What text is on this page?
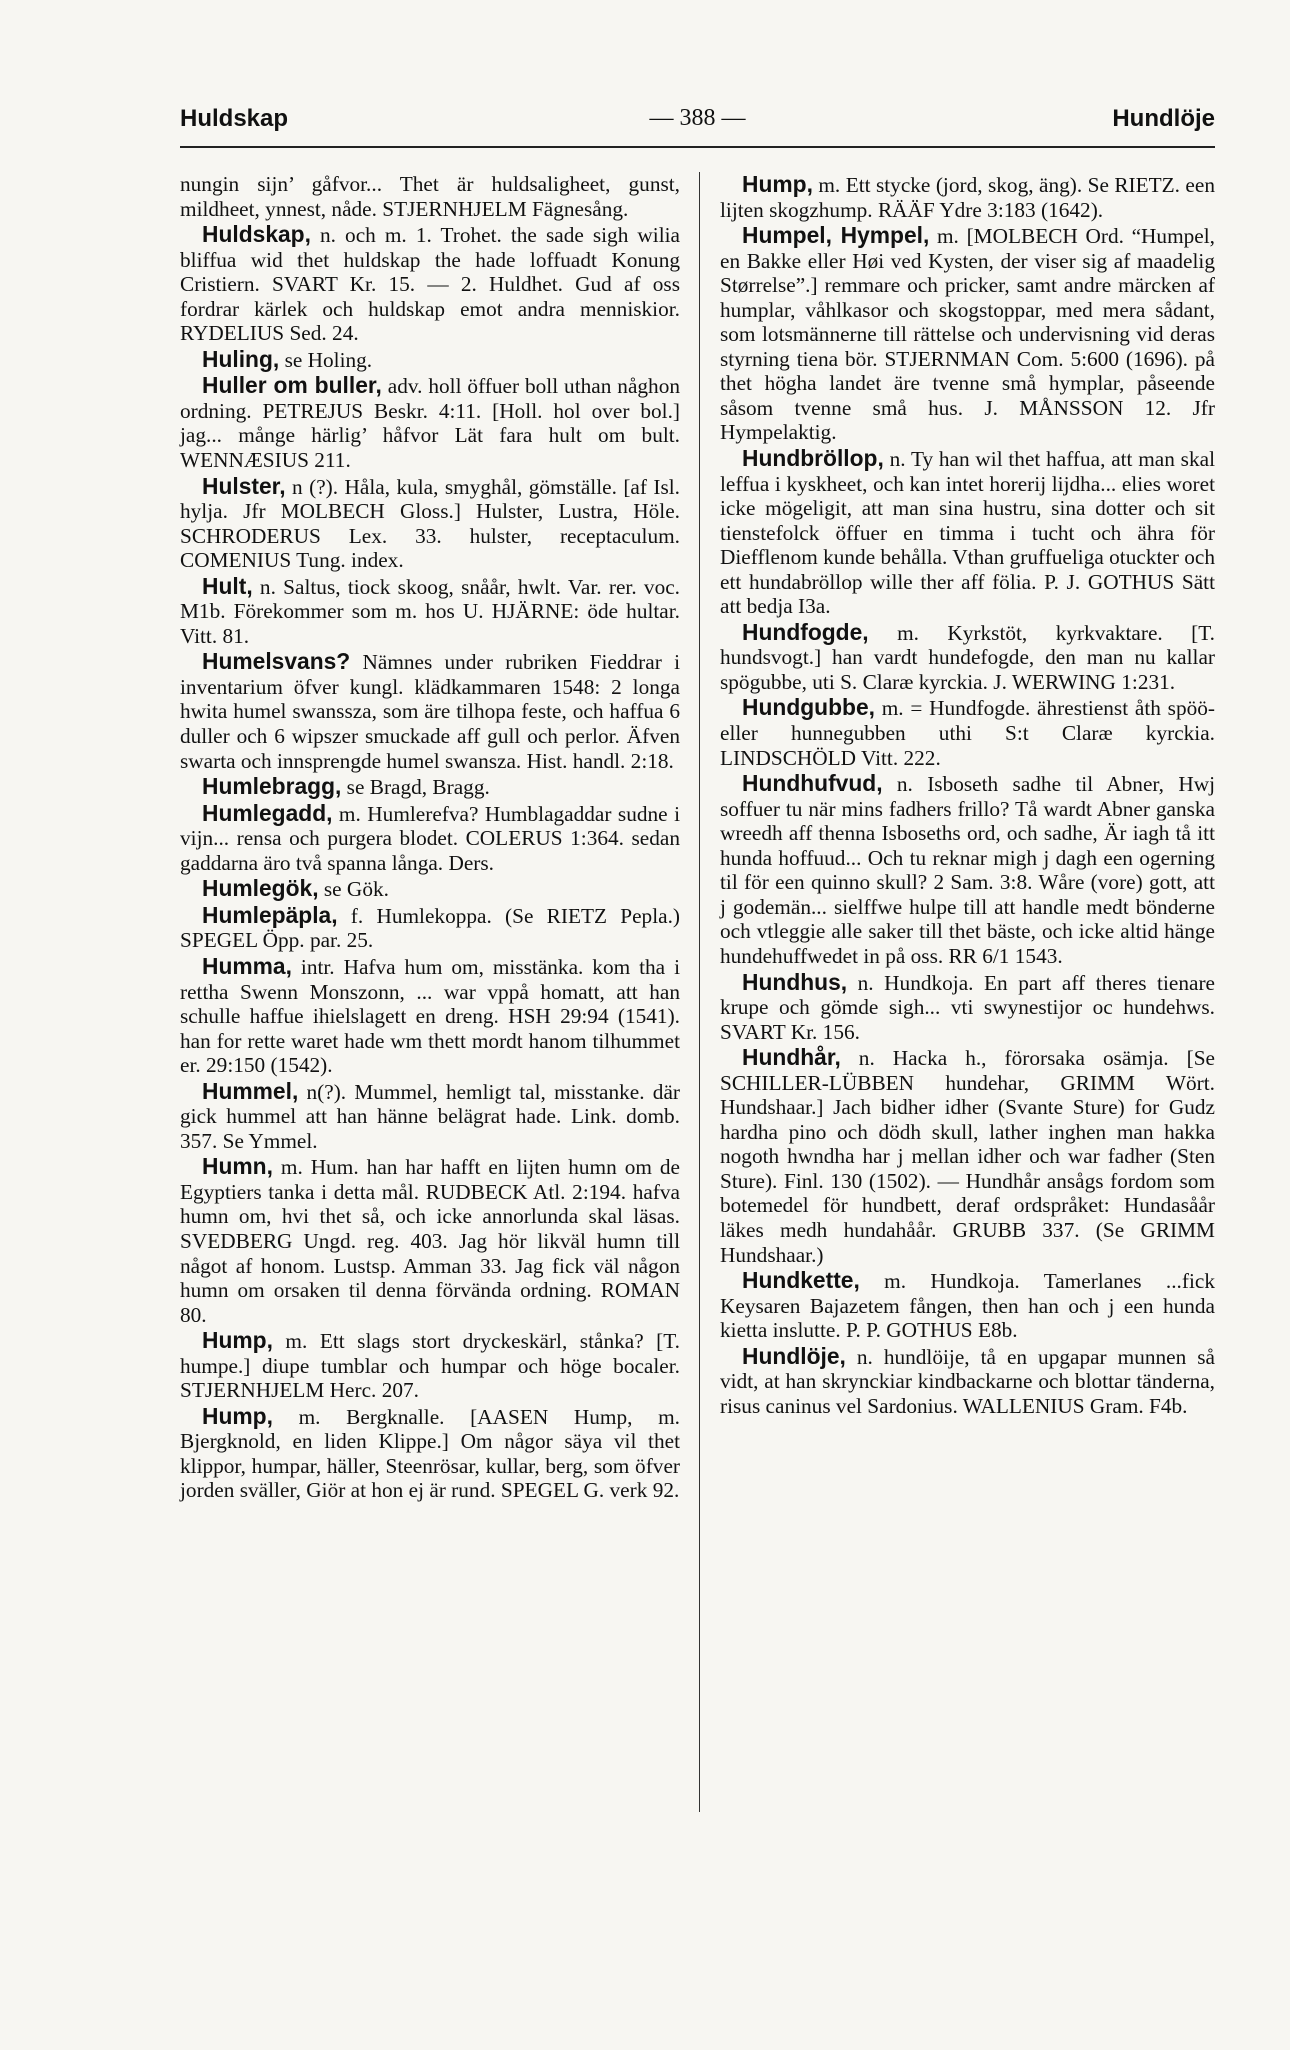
Huldskap	— 388 —	Hundlöje
nungin sijn’ gåfvor... Thet är huldsaligheet, gunst, mildheet, ynnest, nåde. STJERNHJELM Fägnesång.
Huldskap, n. och m. 1. Trohet. the sade sigh wilia bliffua wid thet huldskap the hade loffuadt Konung Cristiern. SVART Kr. 15. — 2. Huldhet. Gud af oss fordrar kärlek och huldskap emot andra menniskior. RYDELIUS Sed. 24.
Huling, se Holing.
Huller om buller, adv. holl öffuer boll uthan någhon ordning. PETREJUS Beskr. 4:11. [Holl. hol over bol.] jag... månge härlig’ håfvor Lät fara hult om bult. WENNÆSIUS 211.
Hulster, n (?). Håla, kula, smyghål, gömställe. [af Isl. hylja. Jfr MOLBECH Gloss.] Hulster, Lustra, Höle. SCHRODERUS Lex. 33. hulster, receptaculum. COMENIUS Tung. index.
Hult, n. Saltus, tiock skoog, snåår, hwlt. Var. rer. voc. M1b. Förekommer som m. hos U. HJÄRNE: öde hultar. Vitt. 81.
Humelsvans? Nämnes under rubriken Fieddrar i inventarium öfver kungl. klädkammaren 1548: 2 longa hwita humel swanssza, som äre tilhopa feste, och haffua 6 duller och 6 wipszer smuckade aff gull och perlor. Äfven swarta och innsprengde humel swansza. Hist. handl. 2:18.
Humlebragg, se Bragd, Bragg.
Humlegadd, m. Humlerefva? Humblagaddar sudne i vijn... rensa och purgera blodet. COLERUS 1:364. sedan gaddarna äro två spanna långa. Ders.
Humlegök, se Gök.
Humlepäpla, f. Humlekoppa. (Se RIETZ Pepla.) SPEGEL Öpp. par. 25.
Humma, intr. Hafva hum om, misstänka. kom tha i rettha Swenn Monszonn, ... war vppå homatt, att han schulle haffue ihielslagett en dreng. HSH 29:94 (1541). han for rette waret hade wm thett mordt hanom tilhummet er. 29:150 (1542).
Hummel, n(?). Mummel, hemligt tal, misstanke. där gick hummel att han hänne belägrat hade. Link. domb. 357. Se Ymmel.
Humn, m. Hum. han har hafft en lijten humn om de Egyptiers tanka i detta mål. RUDBECK Atl. 2:194. hafva humn om, hvi thet så, och icke annorlunda skal läsas. SVEDBERG Ungd. reg. 403. Jag hör likväl humn till något af honom. Lustsp. Amman 33. Jag fick väl någon humn om orsaken til denna förvända ordning. ROMAN 80.
Hump, m. Ett slags stort dryckeskärl, stånka? [T. humpe.] diupe tumblar och humpar och höge bocaler. STJERNHJELM Herc. 207.
Hump, m. Bergknalle. [AASEN Hump, m. Bjergknold, en liden Klippe.] Om någor säya vil thet klippor, humpar, häller, Steenrösar, kullar, berg, som öfver jorden sväller, Giör at hon ej är rund. SPEGEL G. verk 92.
Hump, m. Ett stycke (jord, skog, äng). Se RIETZ. een lijten skogzhump. RÄÄF Ydre 3:183 (1642).
Humpel, Hympel, m. [MOLBECH Ord. “Humpel, en Bakke eller Høi ved Kysten, der viser sig af maadelig Størrelse”.] remmare och pricker, samt andre märcken af humplar, våhlkasor och skogstoppar, med mera sådant, som lotsmännerne till rättelse och undervisning vid deras styrning tiena bör. STJERNMAN Com. 5:600 (1696). på thet högha landet äre tvenne små hymplar, påseende såsom tvenne små hus. J. MÅNSSON 12. Jfr Hympelaktig.
Hundbröllop, n. Ty han wil thet haffua, att man skal leffua i kyskheet, och kan intet horerij lijdha... elies woret icke mögeligit, att man sina hustru, sina dotter och sit tienstefolck öffuer en timma i tucht och ähra för Diefflenom kunde behålla. Vthan gruffueliga otuckter och ett hundabröllop wille ther aff fölia. P. J. GOTHUS Sätt att bedja I3a.
Hundfogde, m. Kyrkstöt, kyrkvaktare. [T. hundsvogt.] han vardt hundefogde, den man nu kallar spögubbe, uti S. Claræ kyrckia. J. WERWING 1:231.
Hundgubbe, m. = Hundfogde. ährestienst åth spöö- eller hunnegubben uthi S:t Claræ kyrckia. LINDSCHÖLD Vitt. 222.
Hundhufvud, n. Isboseth sadhe til Abner, Hwj soffuer tu när mins fadhers frillo? Tå wardt Abner ganska wreedh aff thenna Isboseths ord, och sadhe, Är iagh tå itt hunda hoffuud... Och tu reknar migh j dagh een ogerning til för een quinno skull? 2 Sam. 3:8. Wåre (vore) gott, att j godemän... sielffwe hulpe till att handle medt bönderne och vtleggie alle saker till thet bäste, och icke altid hänge hundehuffwedet in på oss. RR 6/1 1543.
Hundhus, n. Hundkoja. En part aff theres tienare krupe och gömde sigh... vti swynestijor oc hundehws. SVART Kr. 156.
Hundhår, n. Hacka h., förorsaka osämja. [Se SCHILLER-LÜBBEN hundehar, GRIMM Wört. Hundshaar.] Jach bidher idher (Svante Sture) for Gudz hardha pino och dödh skull, lather inghen man hakka nogoth hwndha har j mellan idher och war fadher (Sten Sture). Finl. 130 (1502). — Hundhår ansågs fordom som botemedel för hundbett, deraf ordspråket: Hundasåår läkes medh hundahåår. GRUBB 337. (Se GRIMM Hundshaar.)
Hundkette, m. Hundkoja. Tamerlanes ...fick Keysaren Bajazetem fången, then han och j een hunda kietta inslutte. P. P. GOTHUS E8b.
Hundlöje, n. hundlöije, tå en upgapar munnen så vidt, at han skrynckiar kindbackarne och blottar tänderna, risus caninus vel Sardonius. WALLENIUS Gram. F4b.
